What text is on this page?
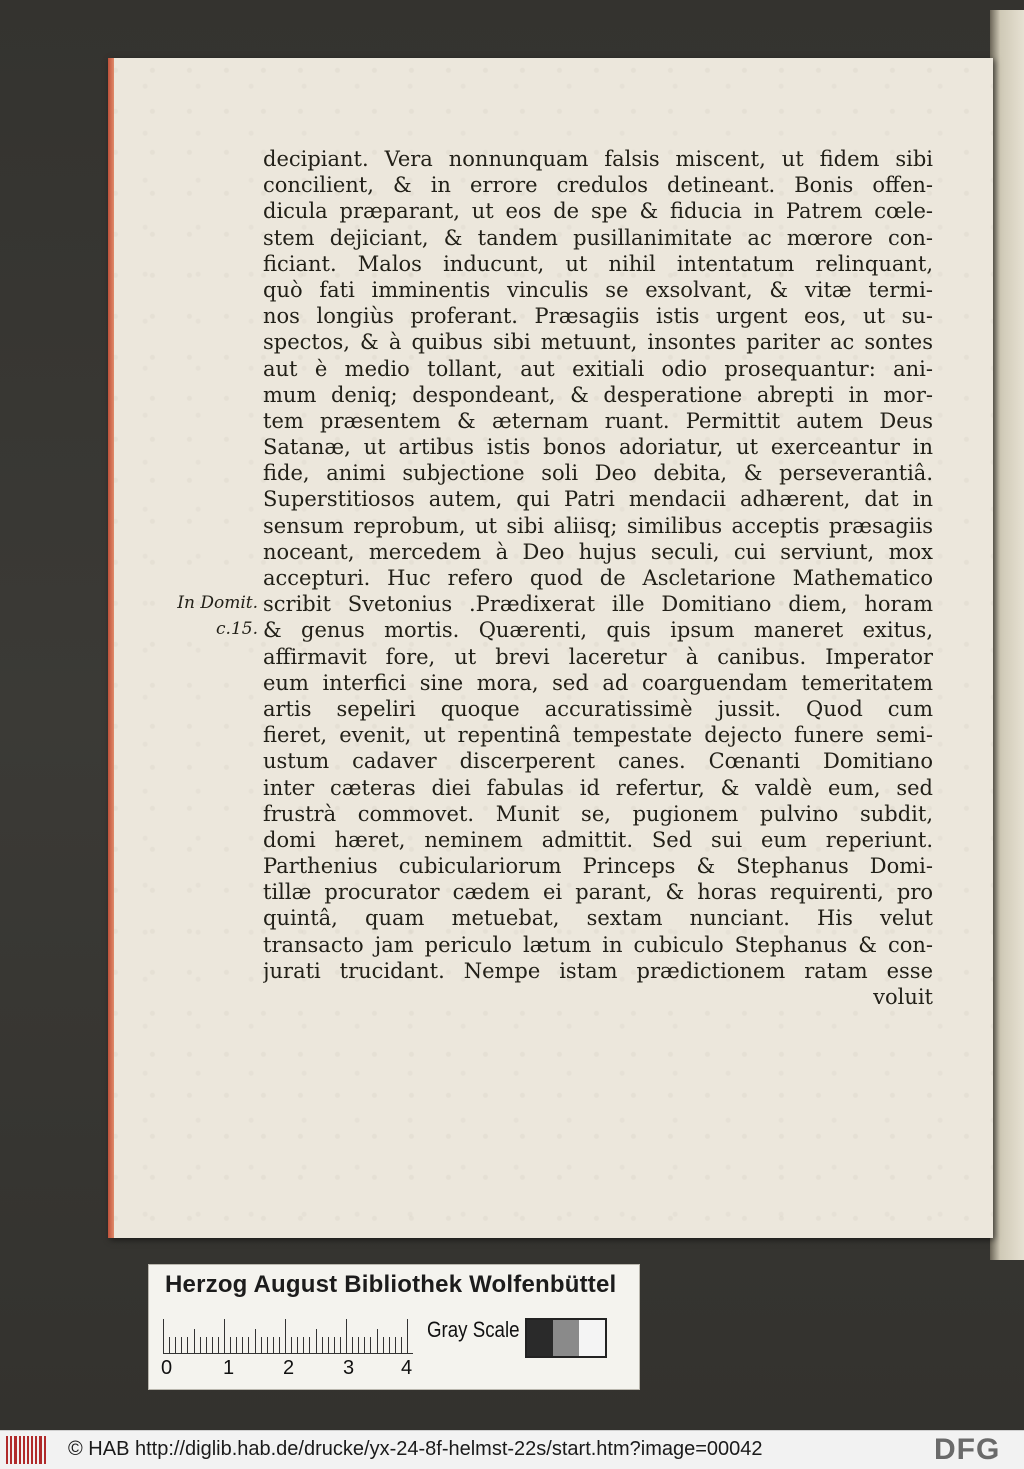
In Domit.
c.15.
decipiant. Vera nonnunquam falsis miscent, ut fidem sibi
concilient, & in errore credulos detineant. Bonis offen-
dicula præparant, ut eos de spe & fiducia in Patrem cœle-
stem dejiciant, & tandem pusillanimitate ac mœrore con-
ficiant. Malos inducunt, ut nihil intentatum relinquant,
quò fati imminentis vinculis se exsolvant, & vitæ termi-
nos longiùs proferant. Præsagiis istis urgent eos, ut su-
spectos, & à quibus sibi metuunt, insontes pariter ac sontes
aut è medio tollant, aut exitiali odio prosequantur: ani-
mum deniq; despondeant, & desperatione abrepti in mor-
tem præsentem & æternam ruant. Permittit autem Deus
Satanæ, ut artibus istis bonos adoriatur, ut exerceantur in
fide, animi subjectione soli Deo debita, & perseverantiâ.
Superstitiosos autem, qui Patri mendacii adhærent, dat in
sensum reprobum, ut sibi aliisq; similibus acceptis præsagiis
noceant, mercedem à Deo hujus seculi, cui serviunt, mox
accepturi. Huc refero quod de Ascletarione Mathematico
scribit Svetonius .Prædixerat ille Domitiano diem, horam
& genus mortis. Quærenti, quis ipsum maneret exitus,
affirmavit fore, ut brevi laceretur à canibus. Imperator
eum interfici sine mora, sed ad coarguendam temeritatem
artis sepeliri quoque accuratissimè jussit. Quod cum
fieret, evenit, ut repentinâ tempestate dejecto funere semi-
ustum cadaver discerperent canes. Cœnanti Domitiano
inter cæteras diei fabulas id refertur, & valdè eum, sed
frustrà commovet. Munit se, pugionem pulvino subdit,
domi hæret, neminem admittit. Sed sui eum reperiunt.
Parthenius cubiculariorum Princeps & Stephanus Domi-
tillæ procurator cædem ei parant, & horas requirenti, pro
quintâ, quam metuebat, sextam nunciant. His velut
transacto jam periculo lætum in cubiculo Stephanus & con-
jurati trucidant. Nempe istam prædictionem ratam esse
voluit
Herzog August Bibliothek Wolfenbüttel
0	1 2 3 4
Gray Scale
© HAB http://diglib.hab.de/drucke/yx-24-8f-helmst-22s/start.htm?image=00042	DFG
